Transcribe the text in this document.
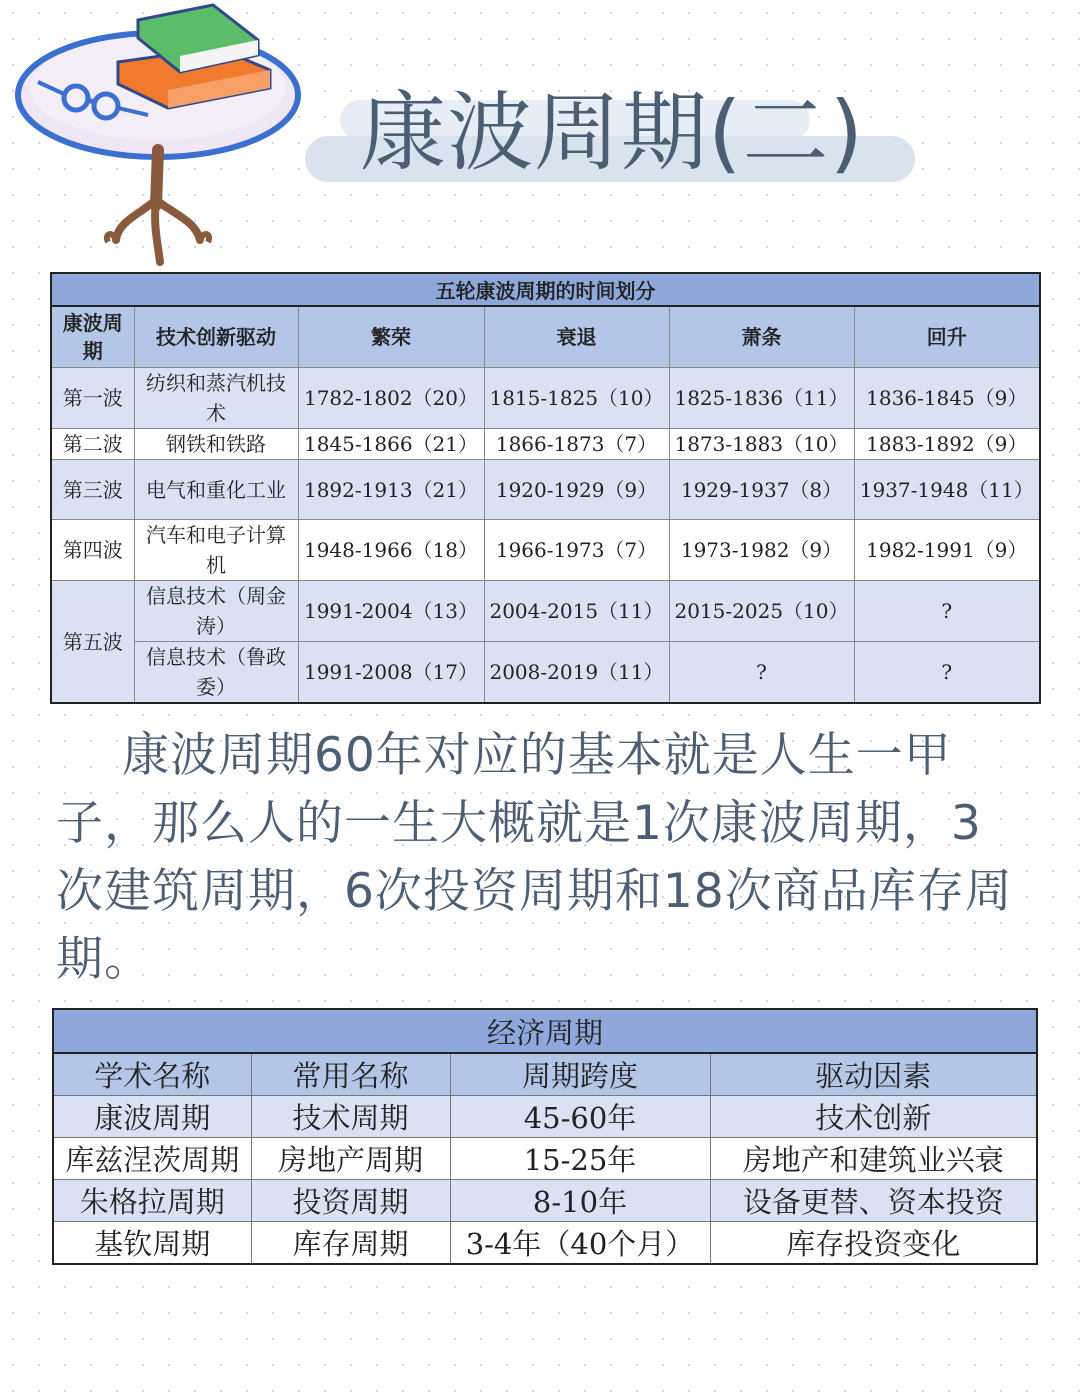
康波周期(二)
五轮康波周期的时间划分					
康波周期	技术创新驱动	繁荣	衰退	萧条	回升
第一波	纺织和蒸汽机技术	1782-1802（20）	1815-1825（10）	1825-1836（11）	1836-1845（9）
第二波	钢铁和铁路	1845-1866（21）	1866-1873（7）	1873-1883（10）	1883-1892（9）
第三波	电气和重化工业	1892-1913（21）	1920-1929（9）	1929-1937（8）	1937-1948（11）
第四波	汽车和电子计算机	1948-1966（18）	1966-1973（7）	1973-1982（9）	1982-1991（9）
第五波	信息技术（周金涛）	1991-2004（13）	2004-2015（11）	2015-2025（10）	?
	信息技术（鲁政委）	1991-2008（17）	2008-2019（11）	?	?

康波周期60年对应的基本就是人生一甲子，那么人的一生大概就是1次康波周期，3次建筑周期，6次投资周期和18次商品库存周期。

经济周期			
学术名称	常用名称	周期跨度	驱动因素
康波周期	技术周期	45-60年	技术创新
库兹涅茨周期	房地产周期	15-25年	房地产和建筑业兴衰
朱格拉周期	投资周期	8-10年	设备更替、资本投资
基钦周期	库存周期	3-4年（40个月）	库存投资变化
